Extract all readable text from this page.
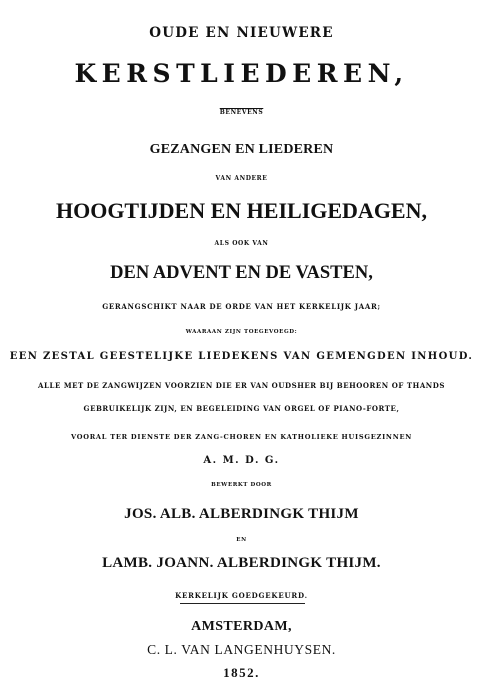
OUDE EN NIEUWERE
KERSTLIEDEREN,
BENEVENS
GEZANGEN EN LIEDEREN
VAN ANDERE
HOOGTIJDEN EN HEILIGEDAGEN,
ALS OOK VAN
DEN ADVENT EN DE VASTEN,
GERANGSCHIKT NAAR DE ORDE VAN HET KERKELIJK JAAR;
WAARAAN ZIJN TOEGEVOEGD:
EEN ZESTAL GEESTELIJKE LIEDEKENS VAN GEMENGDEN INHOUD.
ALLE MET DE ZANGWIJZEN VOORZIEN DIE ER VAN OUDSHER BIJ BEHOOREN OF THANDS
GEBRUIKELIJK ZIJN, EN BEGELEIDING VAN ORGEL OF PIANO-FORTE,
VOORAL TER DIENSTE DER ZANG-CHOREN EN KATHOLIEKE HUISGEZINNEN
A. M. D. G.
BEWERKT DOOR
JOS. ALB. ALBERDINGK THIJM
EN
LAMB. JOANN. ALBERDINGK THIJM.
KERKELIJK GOEDGEKEURD.
AMSTERDAM,
C. L. VAN LANGENHUYSEN.
1852.
